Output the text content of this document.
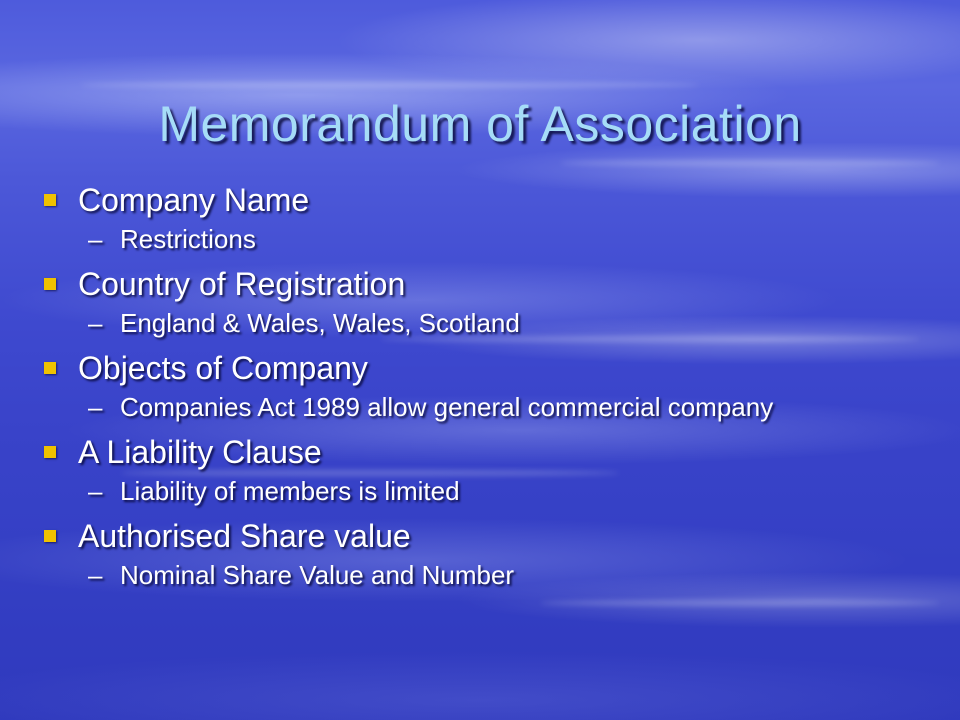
Memorandum of Association
Company Name
– Restrictions
Country of Registration
– England & Wales, Wales, Scotland
Objects of Company
– Companies Act 1989 allow general commercial company
A Liability Clause
– Liability of members is limited
Authorised Share value
– Nominal Share Value and Number
